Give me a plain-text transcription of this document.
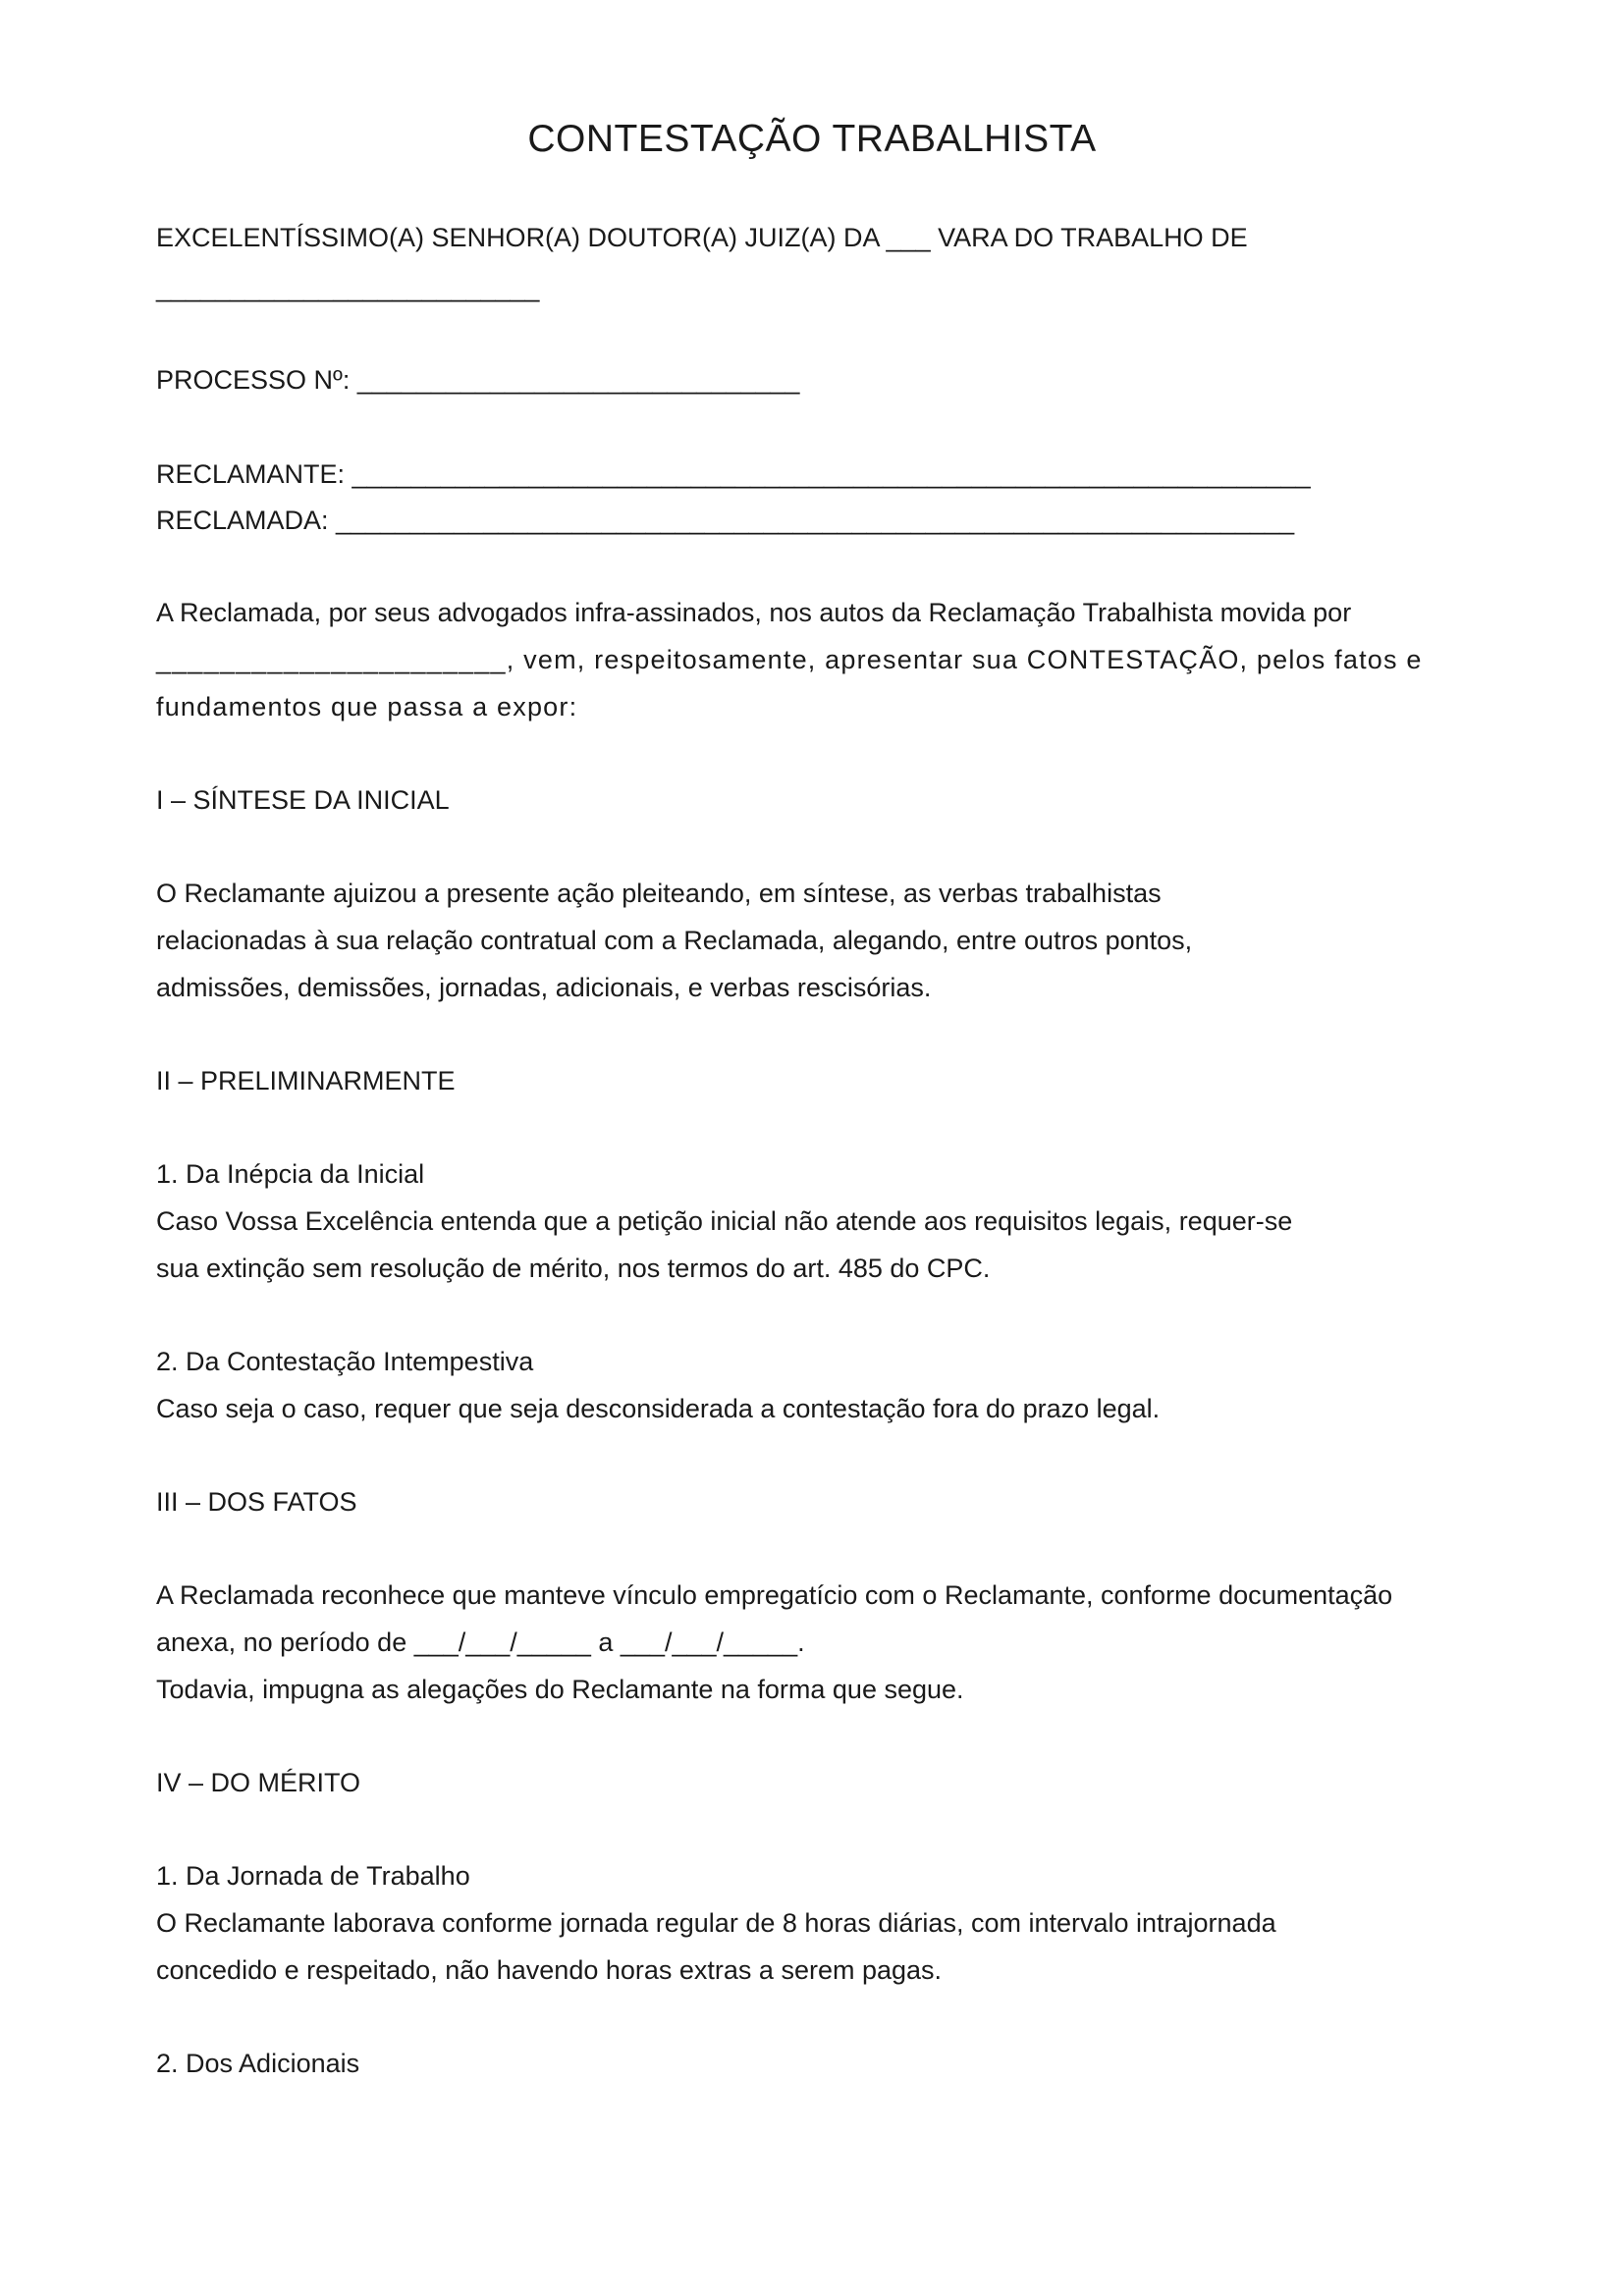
CONTESTAÇÃO TRABALHISTA

EXCELENTÍSSIMO(A) SENHOR(A) DOUTOR(A) JUIZ(A) DA ___ VARA DO TRABALHO DE

__________________________

PROCESSO Nº: ______________________________

RECLAMANTE: _________________________________________________________________

RECLAMADA: _________________________________________________________________

A Reclamada, por seus advogados infra-assinados, nos autos da Reclamação Trabalhista movida por

______________________, vem, respeitosamente, apresentar sua CONTESTAÇÃO, pelos fatos e

fundamentos que passa a expor:

I – SÍNTESE DA INICIAL

O Reclamante ajuizou a presente ação pleiteando, em síntese, as verbas trabalhistas

relacionadas à sua relação contratual com a Reclamada, alegando, entre outros pontos,

admissões, demissões, jornadas, adicionais, e verbas rescisórias.

II – PRELIMINARMENTE

1. Da Inépcia da Inicial

Caso Vossa Excelência entenda que a petição inicial não atende aos requisitos legais, requer-se

sua extinção sem resolução de mérito, nos termos do art. 485 do CPC.

2. Da Contestação Intempestiva

Caso seja o caso, requer que seja desconsiderada a contestação fora do prazo legal.

III – DOS FATOS

A Reclamada reconhece que manteve vínculo empregatício com o Reclamante, conforme documentação

anexa, no período de ___/___/_____ a ___/___/_____.

Todavia, impugna as alegações do Reclamante na forma que segue.

IV – DO MÉRITO

1. Da Jornada de Trabalho

O Reclamante laborava conforme jornada regular de 8 horas diárias, com intervalo intrajornada

concedido e respeitado, não havendo horas extras a serem pagas.

2. Dos Adicionais
